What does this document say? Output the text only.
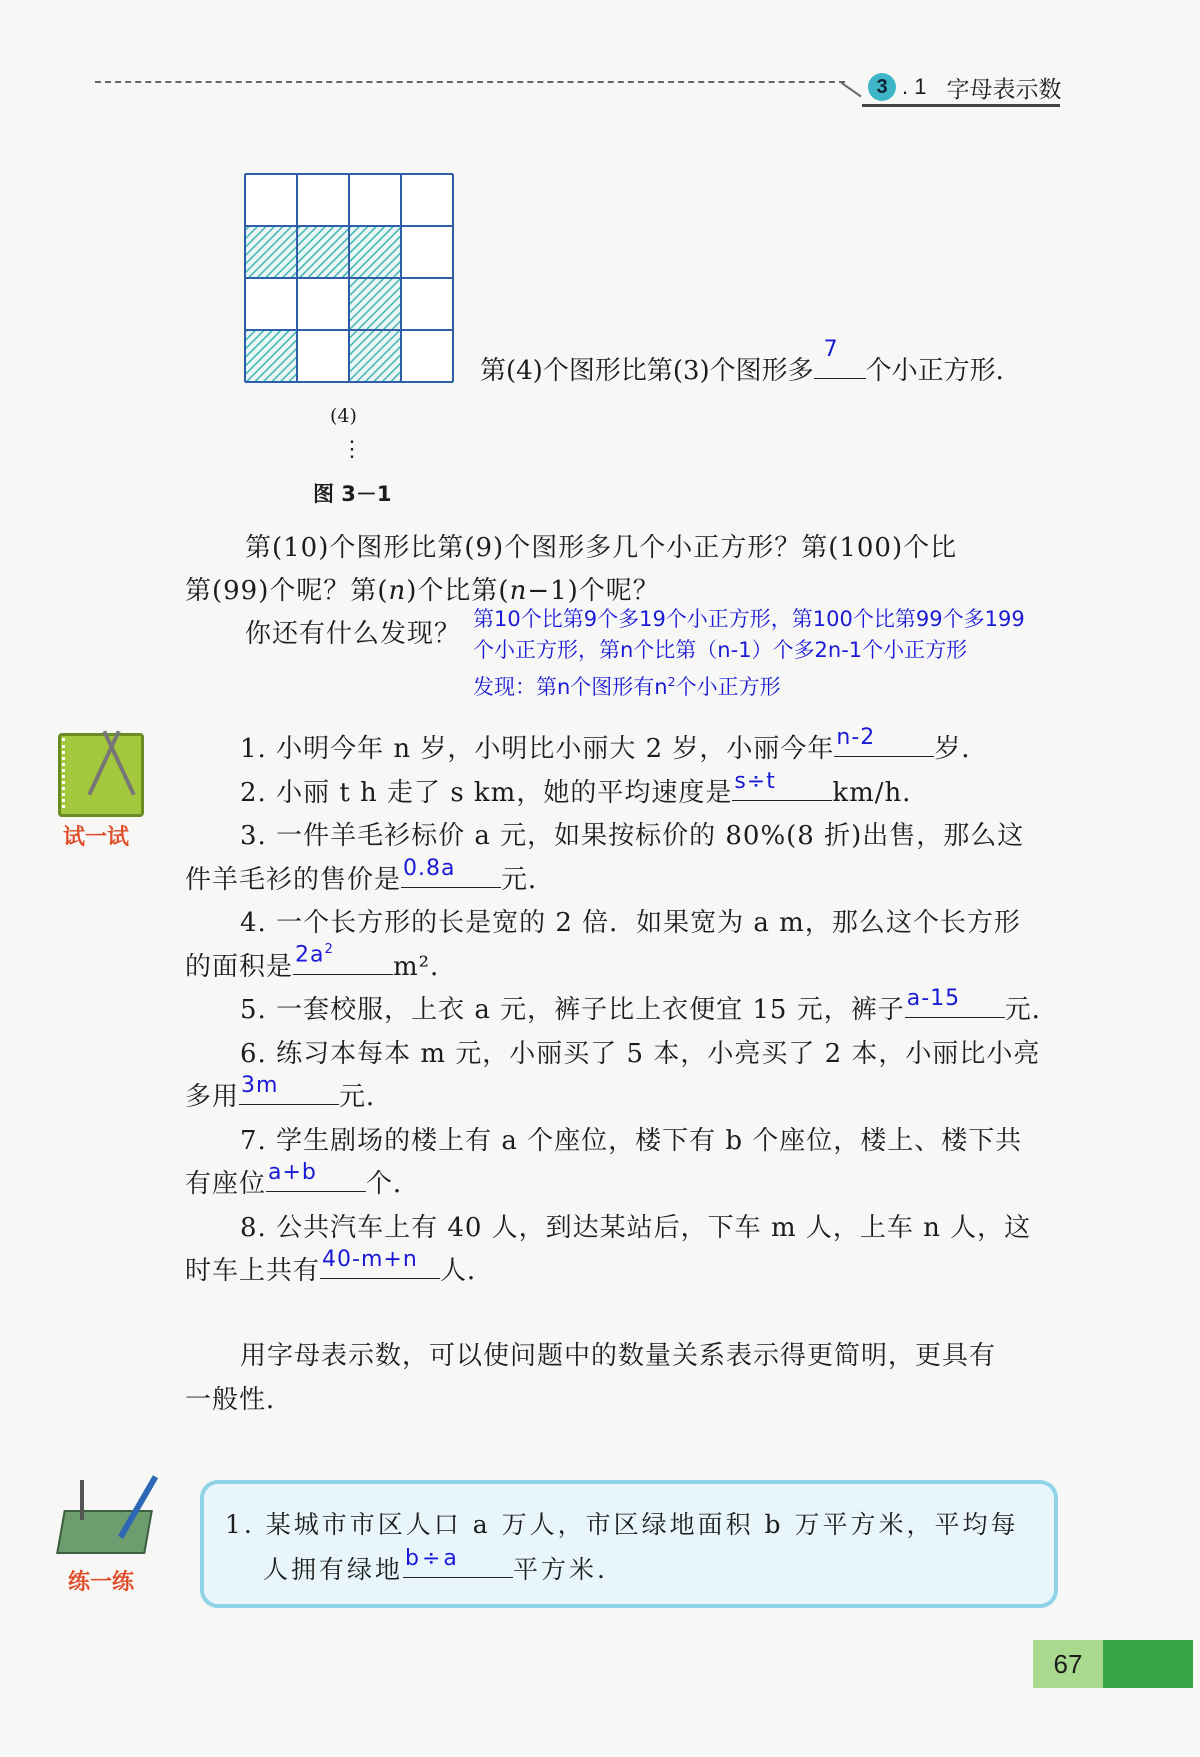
3 . 1 字母表示数
(4)
⋮
图 3－1
第(4)个图形比第(3)个图形多
7
个小正方形．
第(10)个图形比第(9)个图形多几个小正方形？第(100)个比
第(99)个呢？第(n)个比第(n−1)个呢？
你还有什么发现？ 第10个比第9个多19个小正方形，第100个比第99个多199
个小正方形，第n个比第（n-1）个多2n-1个小正方形
发现：第n个图形有$n^2$个小正方形
试一试
1. 小明今年 n 岁，小明比小丽大 2 岁，小丽今年 n-2 岁．
2. 小丽 t h 走了 s km，她的平均速度是 s÷t km/h．
3. 一件羊毛衫标价 a 元，如果按标价的 80%(8 折)出售，那么这
件羊毛衫的售价是 0.8a 元．
4. 一个长方形的长是宽的 2 倍．如果宽为 a m，那么这个长方形
的面积是 $2a^2$
m²．
5. 一套校服，上衣 a 元，裤子比上衣便宜 15 元，裤子 a-15 元．
6. 练习本每本 m 元，小丽买了 5 本，小亮买了 2 本，小丽比小亮
多用 3m 元．
7. 学生剧场的楼上有 a 个座位，楼下有 b 个座位，楼上、楼下共
有座位 a+b 个．
8. 公共汽车上有 40 人，到达某站后，下车 m 人，上车 n 人，这
时车上共有 40-m+n 人．
用字母表示数，可以使问题中的数量关系表示得更简明，更具有
一般性．
练一练
1. 某城市市区人口 a 万人，市区绿地面积 b 万平方米，平均每
人拥有绿地 b÷a 平方米.
67
